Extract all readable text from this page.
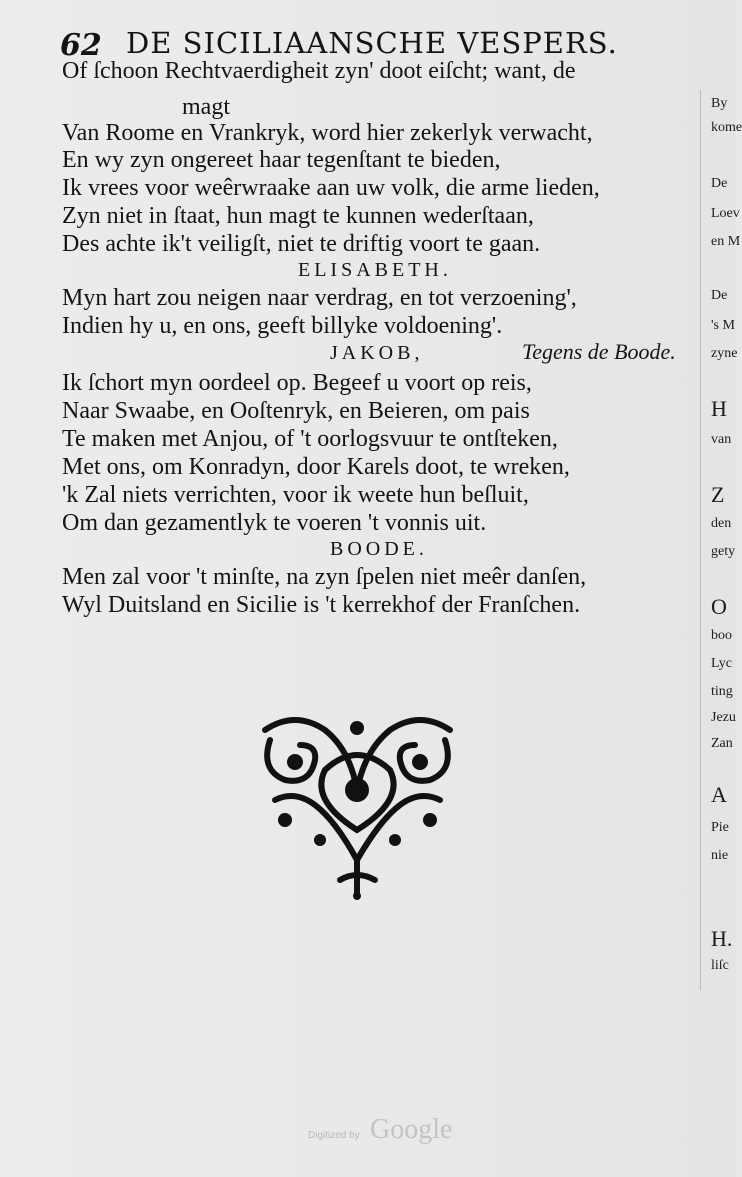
62 DE SICILIAANSCHE VESPERS.
Of ſchoon Rechtvaerdigheit zyn' doot eiſcht; want, de
magt
Van Roome en Vrankryk, word hier zekerlyk verwacht,
En wy zyn ongereet haar tegenſtant te bieden,
Ik vrees voor weêrwraake aan uw volk, die arme lieden,
Zyn niet in ſtaat, hun magt te kunnen wederſtaan,
Des achte ik't veiligſt, niet te driftig voort te gaan.
ELISABETH.
Myn hart zou neigen naar verdrag, en tot verzoening',
Indien hy u, en ons, geeft billyke voldoening'.
JAKOB,	Tegens de Boode.
Ik ſchort myn oordeel op. Begeef u voort op reis,
Naar Swaabe, en Ooſtenryk, en Beieren, om pais
Te maken met Anjou, of 't oorlogsvuur te ontſteken,
Met ons, om Konradyn, door Karels doot, te wreken,
'k Zal niets verrichten, voor ik weete hun beſluit,
Om dan gezamentlyk te voeren 't vonnis uit.
BOODE.
Men zal voor 't minſte, na zyn ſpelen niet meêr danſen,
Wyl Duitsland en Sicilie is 't kerrekhof der Franſchen.
By
kome
De
Loev
en M
De
's M
zyne
H
van
Z
den
gety
O
boo
Lyc
ting
Jezu
Zan
A
Pie
nie
H.
liſc
Digitized by Google
